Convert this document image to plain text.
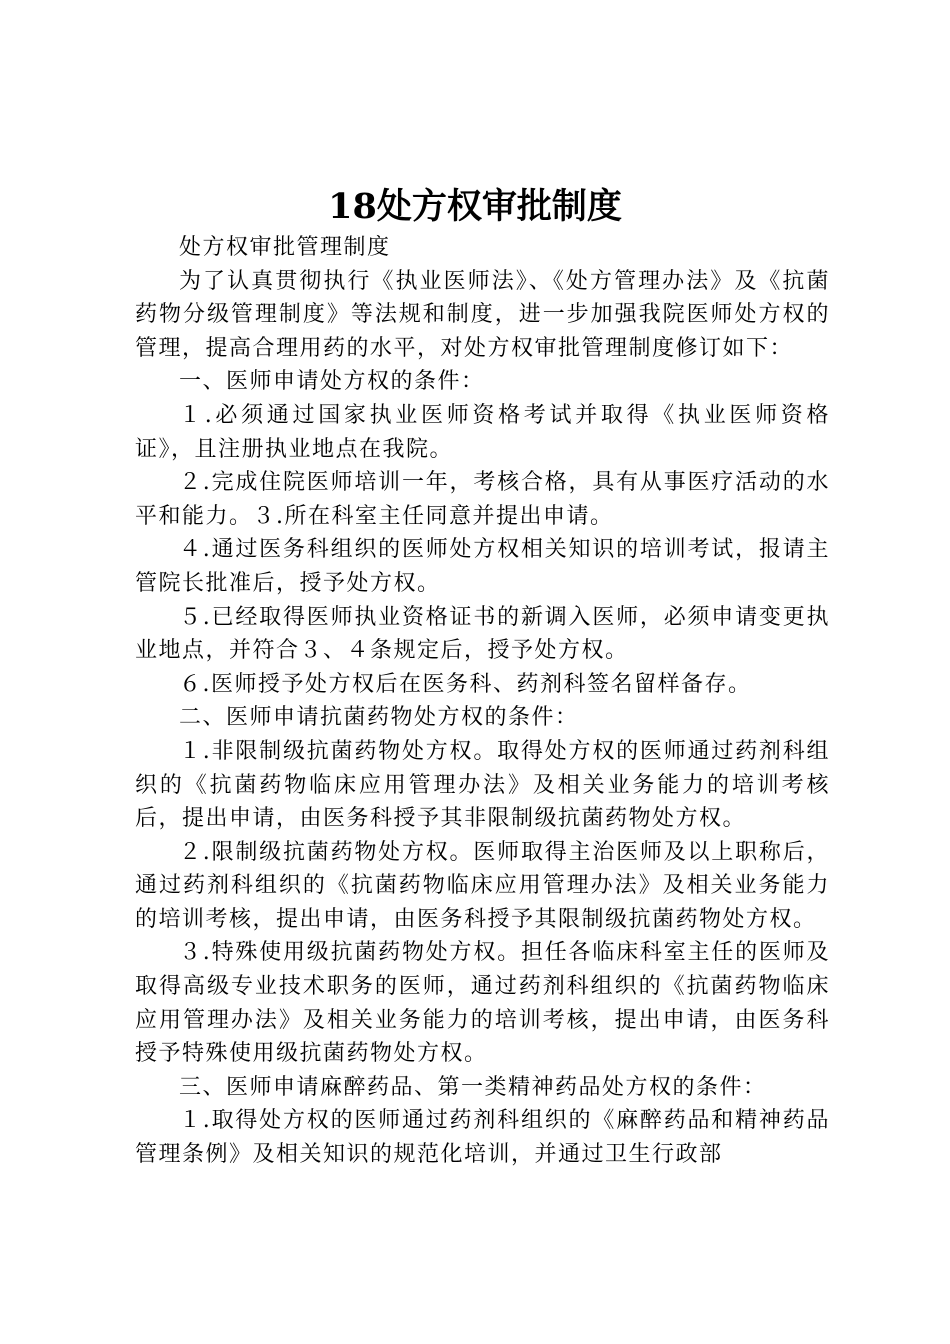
18处方权审批制度

处方权审批管理制度

为了认真贯彻执行《执业医师法》、《处方管理办法》及《抗菌药物分级管理制度》等法规和制度，进一步加强我院医师处方权的管理，提高合理用药的水平，对处方权审批管理制度修订如下：

一、医师申请处方权的条件：

１.必须通过国家执业医师资格考试并取得《执业医师资格证》，且注册执业地点在我院。

２.完成住院医师培训一年，考核合格，具有从事医疗活动的水平和能力。３.所在科室主任同意并提出申请。

４.通过医务科组织的医师处方权相关知识的培训考试，报请主管院长批准后，授予处方权。

５.已经取得医师执业资格证书的新调入医师，必须申请变更执业地点，并符合３、４条规定后，授予处方权。

６.医师授予处方权后在医务科、药剂科签名留样备存。

二、医师申请抗菌药物处方权的条件：

１.非限制级抗菌药物处方权。取得处方权的医师通过药剂科组织的《抗菌药物临床应用管理办法》及相关业务能力的培训考核后，提出申请，由医务科授予其非限制级抗菌药物处方权。

２.限制级抗菌药物处方权。医师取得主治医师及以上职称后，通过药剂科组织的《抗菌药物临床应用管理办法》及相关业务能力的培训考核，提出申请，由医务科授予其限制级抗菌药物处方权。

３.特殊使用级抗菌药物处方权。担任各临床科室主任的医师及取得高级专业技术职务的医师，通过药剂科组织的《抗菌药物临床应用管理办法》及相关业务能力的培训考核，提出申请，由医务科授予特殊使用级抗菌药物处方权。

三、医师申请麻醉药品、第一类精神药品处方权的条件：

１.取得处方权的医师通过药剂科组织的《麻醉药品和精神药品管理条例》及相关知识的规范化培训，并通过卫生行政部
